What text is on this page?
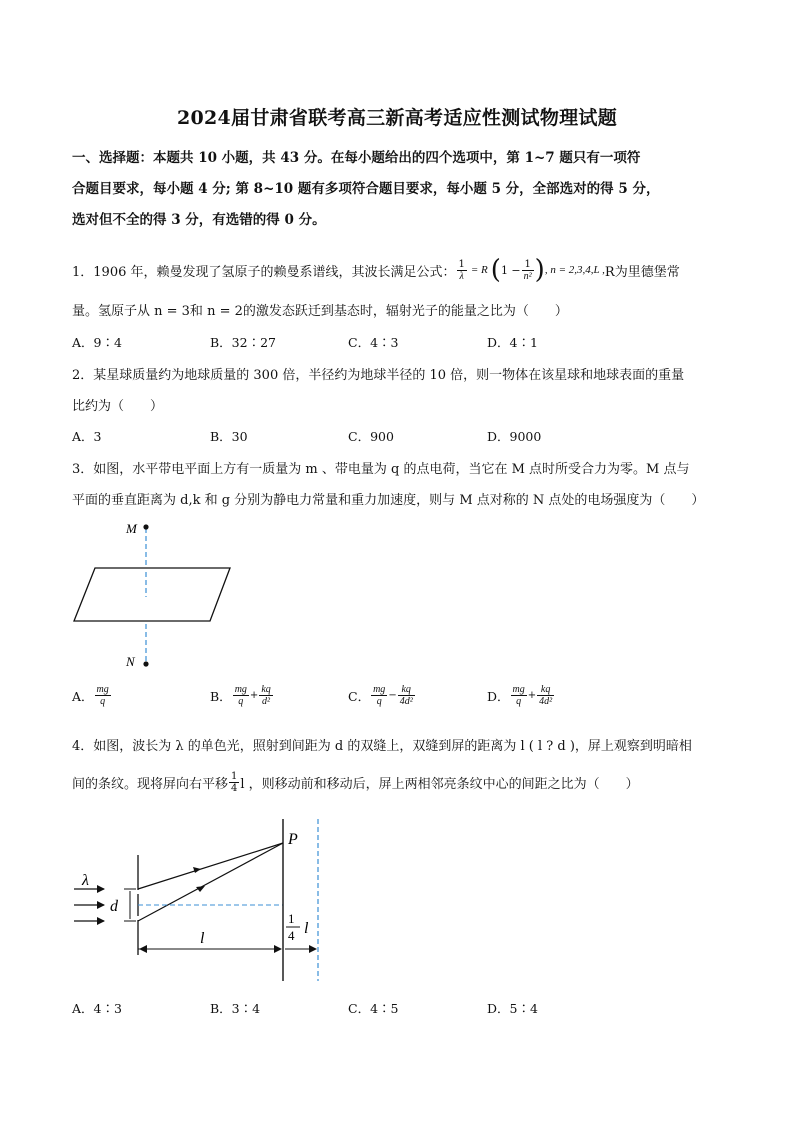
2024届甘肃省联考高三新高考适应性测试物理试题
一、选择题：本题共 10 小题，共 43 分。在每小题给出的四个选项中，第 1~7 题只有一项符
合题目要求，每小题 4 分; 第 8~10 题有多项符合题目要求，每小题 5 分，全部选对的得 5 分，
选对但不全的得 3 分，有选错的得 0 分。
1．1906 年，赖曼发现了氢原子的赖曼系谱线，其波长满足公式： $\frac{1}{\lambda} = R$ ( $1 - \frac{1}{\text{n²}}$ ) , n = 2,3,4,L , R为里德堡常
量。氢原子从 n = 3和 n = 2的激发态跃迁到基态时，辐射光子的能量之比为（　　）
A．9∶4	B．32∶27	C．4∶3	D．4∶1
2．某星球质量约为地球质量的 300 倍，半径约为地球半径的 10 倍，则一物体在该星球和地球表面的重量
比约为（　　）
A．3	B．30	C．900	D．9000
3．如图，水平带电平面上方有一质量为 m 、带电量为 q 的点电荷，当它在 M 点时所受合力为零。M 点与
平面的垂直距离为 d,k 和 g 分别为静电力常量和重力加速度，则与 M 点对称的 N 点处的电场强度为（　　）
M
N
A． $\frac{mg}{q}$	B． $\frac{mg}{q} + \frac{kq}{\text{d²}}$	C． $\frac{mg}{q} - \frac{kq}{\text{4d²}}$	D． $\frac{mg}{q} + \frac{kq}{\text{4d²}}$
4．如图，波长为 λ 的单色光，照射到间距为 d 的双缝上，双缝到屏的距离为 l ( l ? d )，屏上观察到明暗相
间的条纹。现将屏向右平移 $\frac{1}{4}$ l ，则移动前和移动后，屏上两相邻亮条纹中心的间距之比为（　　）
λ
d
P
l
1
4 l
A．4∶3	B．3∶4	C．4∶5	D．5∶4
